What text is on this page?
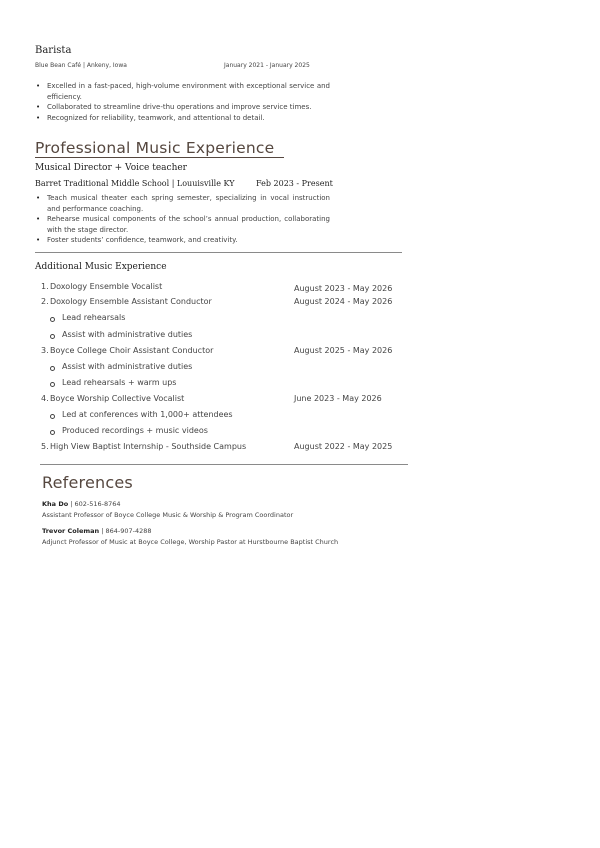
Barista
Blue Bean Café | Ankeny, Iowa	January 2021 - January 2025
• Excelled in a fast-paced, high-volume environment with exceptional service and efficiency.
• Collaborated to streamline drive-thu operations and improve service times.
• Recognized for reliability, teamwork, and attentional to detail.
Professional Music Experience
Musical Director + Voice teacher
Barret Traditional Middle School | Louuisville KY	Feb 2023 - Present
• Teach musical theater each spring semester, specializing in vocal instruction and performance coaching.
• Rehearse musical components of the school’s annual production, collaborating with the stage director.
• Foster students’ confidence, teamwork, and creativity.
Additional Music Experience
1. Doxology Ensemble Vocalist	August 2023 - May 2026
2. Doxology Ensemble Assistant Conductor	August 2024 - May 2026
Lead rehearsals
Assist with administrative duties
3. Boyce College Choir Assistant Conductor	August 2025 - May 2026
Assist with administrative duties
Lead rehearsals + warm ups
4. Boyce Worship Collective Vocalist	June 2023 - May 2026
Led at conferences with 1,000+ attendees
Produced recordings + music videos
5. High View Baptist Internship - Southside Campus	August 2022 - May 2025
References
Kha Do | 602-516-8764
Assistant Professor of Boyce College Music & Worship & Program Coordinator
Trevor Coleman | 864-907-4288
Adjunct Professor of Music at Boyce College, Worship Pastor at Hurstbourne Baptist Church
